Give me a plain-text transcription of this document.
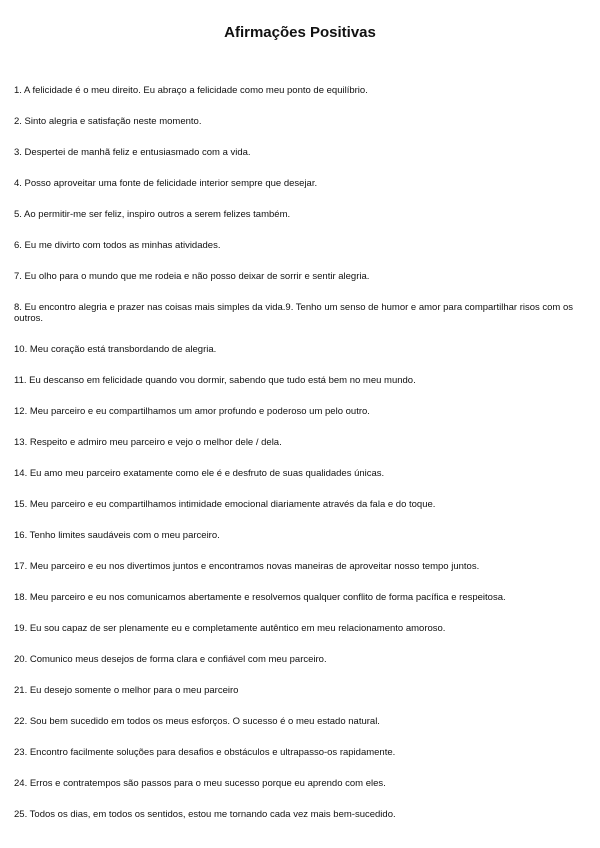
Afirmações Positivas
1. A felicidade é o meu direito. Eu abraço a felicidade como meu ponto de equilíbrio.
2. Sinto alegria e satisfação neste momento.
3. Despertei de manhã feliz e entusiasmado com a vida.
4. Posso aproveitar uma fonte de felicidade interior sempre que desejar.
5. Ao permitir-me ser feliz, inspiro outros a serem felizes também.
6. Eu me divirto com todos as minhas atividades.
7. Eu olho para o mundo que me rodeia e não posso deixar de sorrir e sentir alegria.
8. Eu encontro alegria e prazer nas coisas mais simples da vida.9. Tenho um senso de humor e amor para compartilhar risos com os outros.
10. Meu coração está transbordando de alegria.
11. Eu descanso em felicidade quando vou dormir, sabendo que tudo está bem no meu mundo.
12. Meu parceiro e eu compartilhamos um amor profundo e poderoso um pelo outro.
13. Respeito e admiro meu parceiro e vejo o melhor dele / dela.
14. Eu amo meu parceiro exatamente como ele é e desfruto de suas qualidades únicas.
15. Meu parceiro e eu compartilhamos intimidade emocional diariamente através da fala e do toque.
16. Tenho limites saudáveis com o meu parceiro.
17. Meu parceiro e eu nos divertimos juntos e encontramos novas maneiras de aproveitar nosso tempo juntos.
18. Meu parceiro e eu nos comunicamos abertamente e resolvemos qualquer conflito de forma pacífica e respeitosa.
19. Eu sou capaz de ser plenamente eu e completamente autêntico em meu relacionamento amoroso.
20. Comunico meus desejos de forma clara e confiável com meu parceiro.
21. Eu desejo somente o melhor para o meu parceiro
22. Sou bem sucedido em todos os meus esforços. O sucesso é o meu estado natural.
23. Encontro facilmente soluções para desafios e obstáculos e ultrapasso-os rapidamente.
24. Erros e contratempos são passos para o meu sucesso porque eu aprendo com eles.
25. Todos os dias, em todos os sentidos, estou me tornando cada vez mais bem-sucedido.
